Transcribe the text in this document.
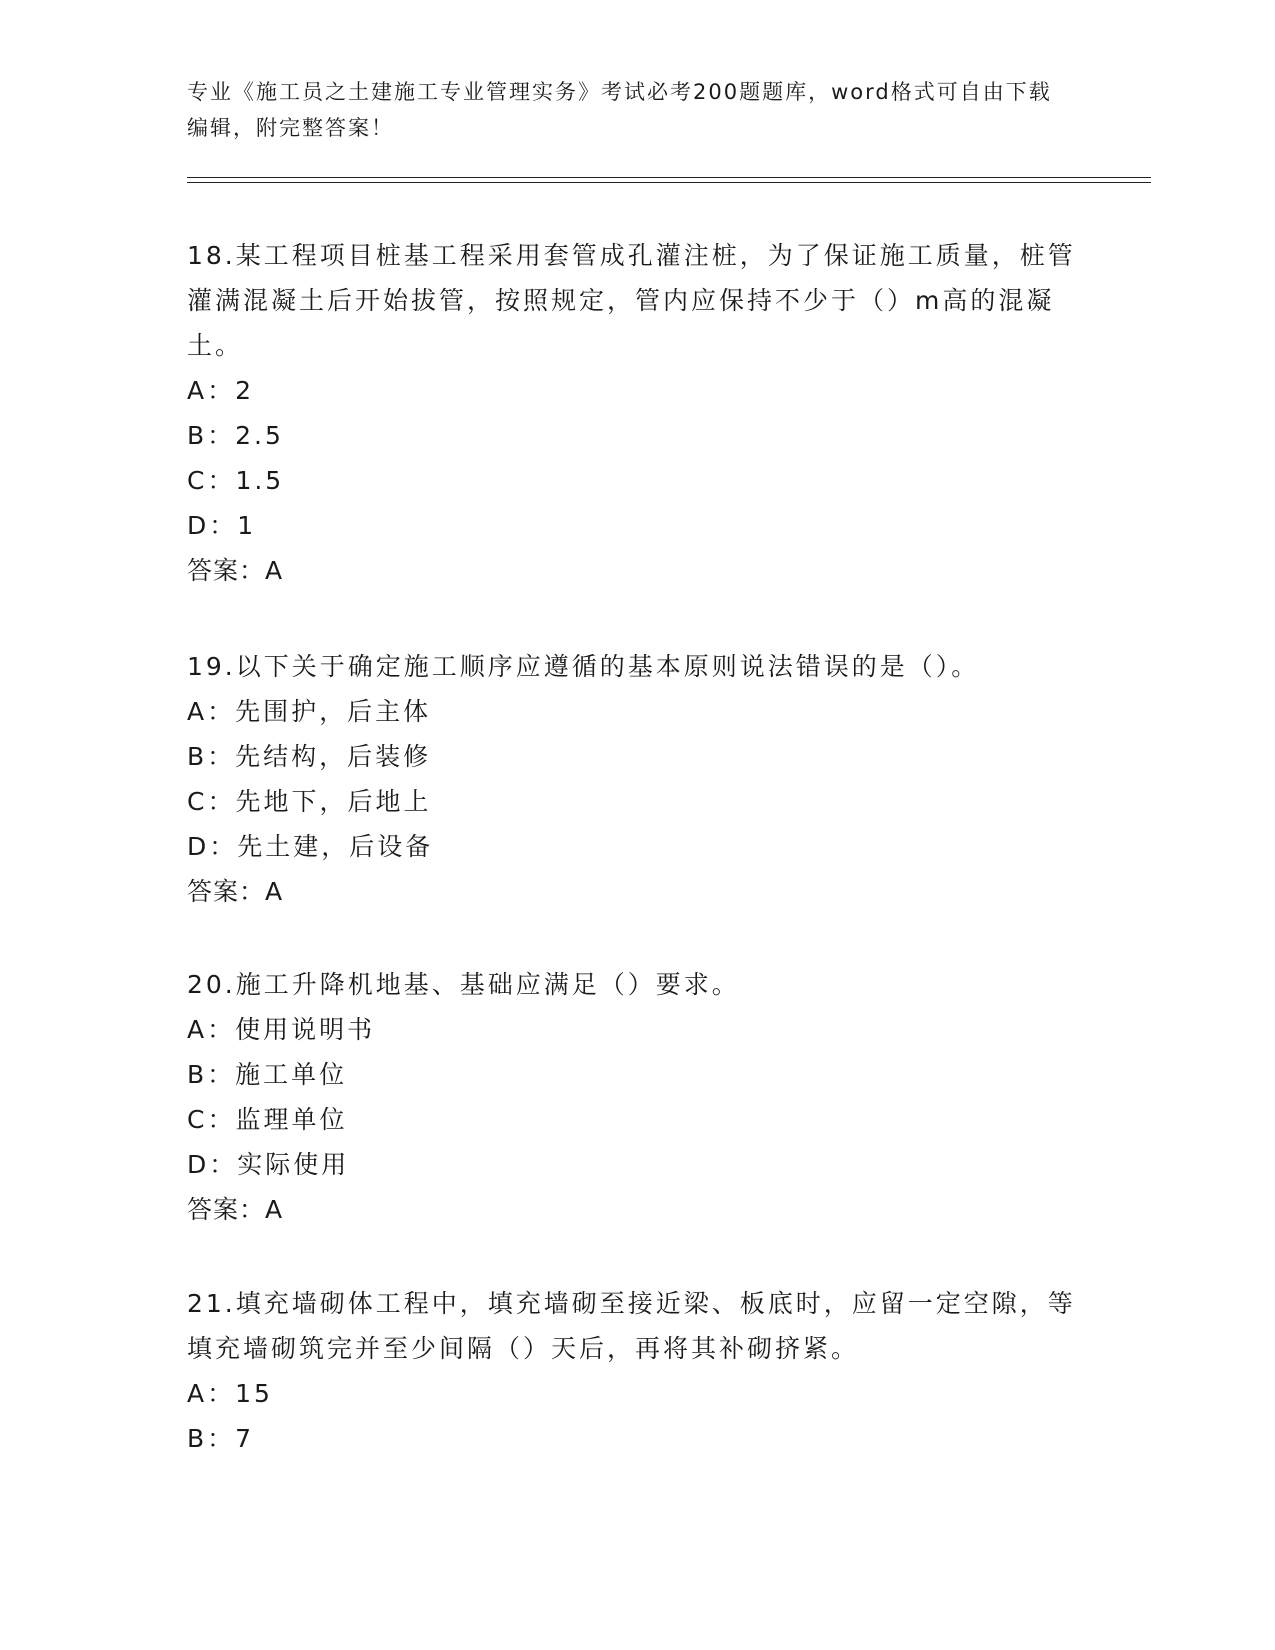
专业《施工员之土建施工专业管理实务》考试必考200题题库，word格式可自由下载编辑，附完整答案！

18.某工程项目桩基工程采用套管成孔灌注桩，为了保证施工质量，桩管灌满混凝土后开始拔管，按照规定，管内应保持不少于（）m高的混凝土。

A：2

B：2.5

C：1.5

D：1

答案：A

19.以下关于确定施工顺序应遵循的基本原则说法错误的是（）。

A：先围护，后主体

B：先结构，后装修

C：先地下，后地上

D：先土建，后设备

答案：A

20.施工升降机地基、基础应满足（）要求。

A：使用说明书

B：施工单位

C：监理单位

D：实际使用

答案：A

21.填充墙砌体工程中，填充墙砌至接近梁、板底时，应留一定空隙，等填充墙砌筑完并至少间隔（）天后，再将其补砌挤紧。

A：15

B：7
